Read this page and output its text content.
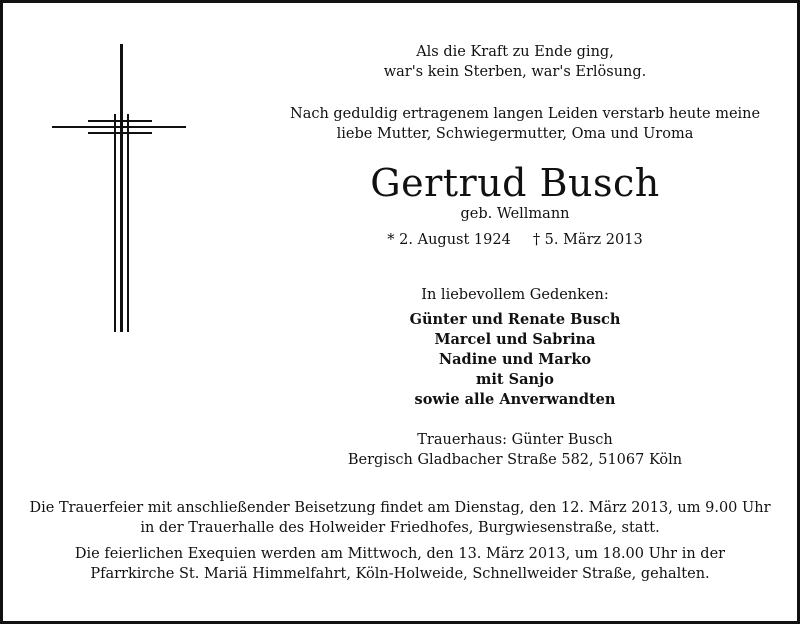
Als die Kraft zu Ende ging,

war's kein Sterben, war's Erlösung.

Nach geduldig ertragenem langen Leiden verstarb heute meine

liebe Mutter, Schwiegermutter, Oma und Uroma

Gertrud Busch

geb. Wellmann

* 2. August 1924 † 5. März 2013

In liebevollem Gedenken:

Günter und Renate Busch

Marcel und Sabrina

Nadine und Marko

mit Sanjo

sowie alle Anverwandten

Trauerhaus: Günter Busch

Bergisch Gladbacher Straße 582, 51067 Köln

Die Trauerfeier mit anschließender Beisetzung findet am Dienstag, den 12. März 2013, um 9.00 Uhr

in der Trauerhalle des Holweider Friedhofes, Burgwiesenstraße, statt.

Die feierlichen Exequien werden am Mittwoch, den 13. März 2013, um 18.00 Uhr in der

Pfarrkirche St. Mariä Himmelfahrt, Köln-Holweide, Schnellweider Straße, gehalten.
